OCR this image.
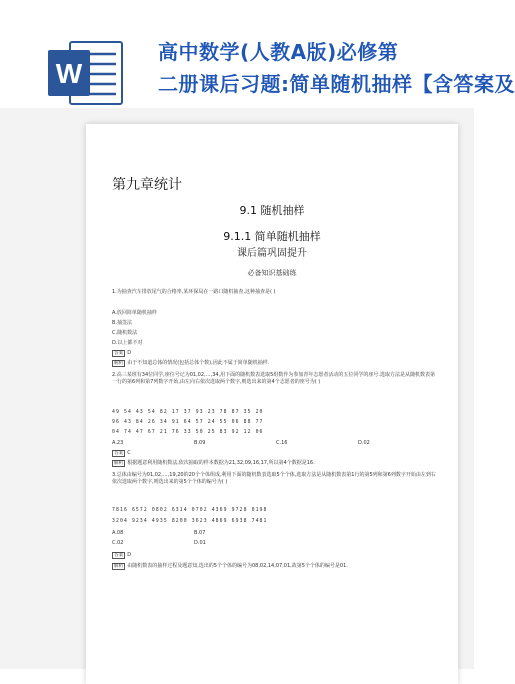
W
高中数学(人教A版)必修第
二册课后习题:简单随机抽样【含答案及
第九章统计
9.1 随机抽样
9.1.1 简单随机抽样
课后篇巩固提升
必备知识基础练
1.为抽查汽车排放尾气的合格率,某环保局在一路口随机抽查,这种抽查是( )
A.放回简单随机抽样
B.抽签法
C.随机数法
D.以上都不对
答案 D
解析 由于不知道总体的情况(包括总体个数),因此不属于简单随机抽样.
2.高三某班有34位同学,座位号记为01,02,…,34,用下面的随机数表选取5组数作为参加青年志愿者活动的五位同学的座号.选取方法是从随机数表第一行的第6列和第7列数字开始,由左向右依次选取两个数字,则选出来的第4个志愿者的座号为( )
49 54 43 54 82 17 37 93 23 78 87 35 20
96 43 84 26 34 91 64 57 24 55 06 88 77
04 74 47 67 21 76 33 50 25 83 92 12 06
A.23	B.09	C.16	D.02
答案 C
解析 根据题意利用随机数法,依次抽取的样本数据为21,32,09,16,17,所以第4个数据是16.
3.总体由编号为01,02,…,19,20的20个个体组成,利用下面的随机数表选取5个个体,选取方法是从随机数表第1行的第5列和第6列数字开始由左到右依次选取两个数字,则选出来的第5个个体的编号为( )
7816 6572 0802 6314 0702 4369 9728 0198
3204 9234 4935 8200 3623 4869 6938 7481
A.08	B.07
C.02	D.01
答案 D
解析 由随机数表的抽样过程及题意知,选出的5个个体的编号为08,02,14,07,01,故第5个个体的编号是01.
